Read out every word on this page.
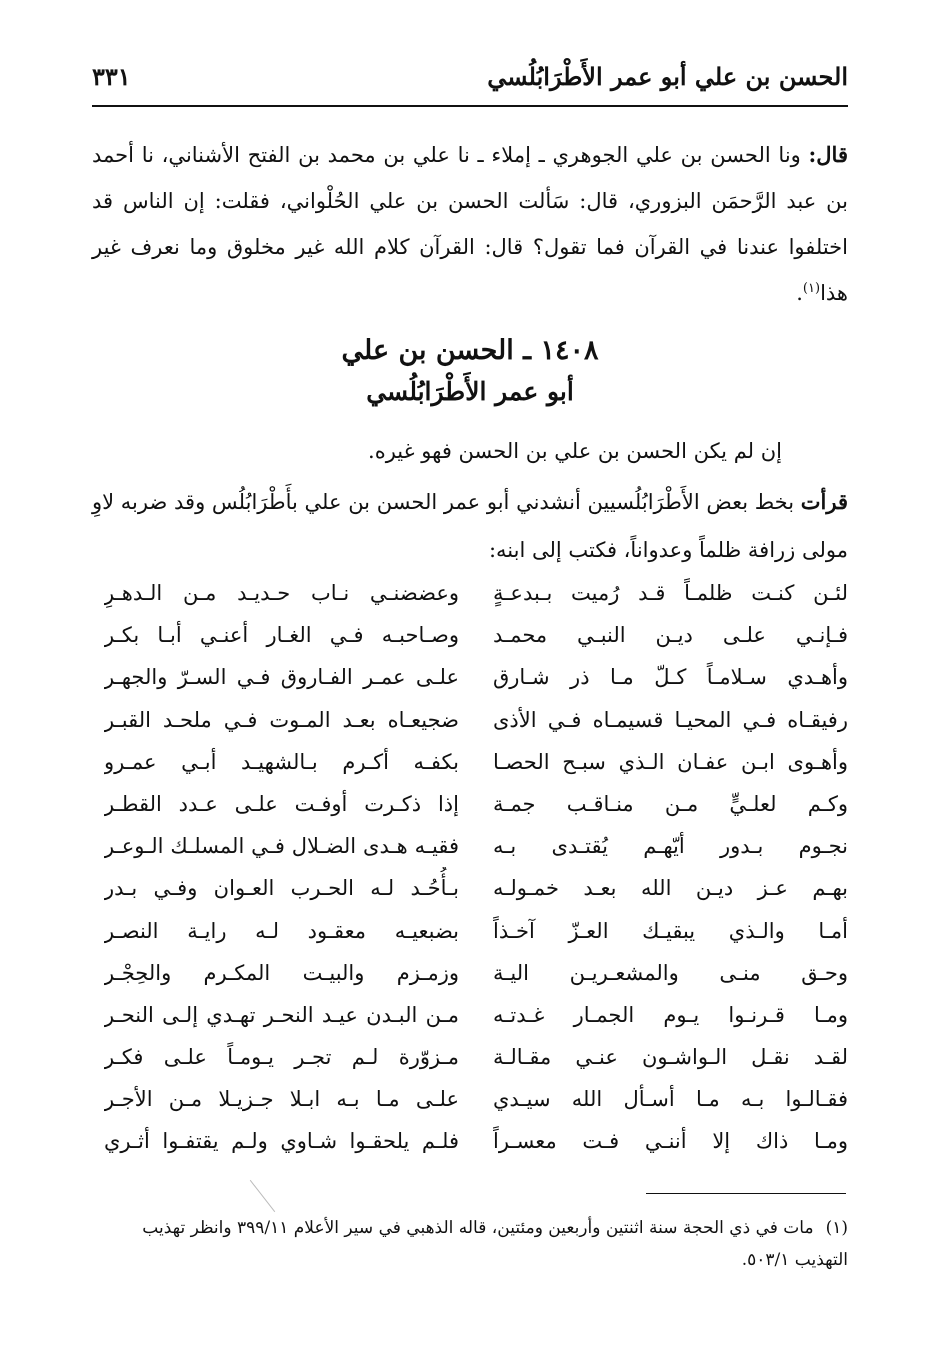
الحسن بن علي أبو عمر الأَطْرَابُلُسي
٣٣١
قال: ونا الحسن بن علي الجوهري ـ إملاء ـ نا علي بن محمد بن الفتح الأشناني، نا أحمد بن عبد الرَّحمَن البزوري، قال: سَألت الحسن بن علي الحُلْواني، فقلت: إن الناس قد اختلفوا عندنا في القرآن فما تقول؟ قال: القرآن كلام الله غير مخلوق وما نعرف غير هذا$^{(١)}$.
١٤٠٨ ـ الحسن بن علي
أبو عمر الأَطْرَابُلُسي
إن لم يكن الحسن بن علي بن الحسن فهو غيره.
قرأت بخط بعض الأَطْرَابُلُسيين أنشدني أبو عمر الحسن بن علي بأَطْرَابُلُس وقد ضربه لاوِ مولى زرافة ظلماً وعدواناً، فكتب إلى ابنه:
لئـن كنـت ظلمـاً قـد رُميت بـبدعـةٍ
فـإنـي علـى ديـن النبـي محمـد
وأهـدي سـلامـاً كـلّ مـا ذر شـارق
رفيقـاه فـي المحيـا قسيمـاه فـي الأذى
وأهـوى ابـن عفـان الـذي سبـح الحصـا
وكـم لعلـيٍّ مـن منـاقـب جمـة
نجـوم بـدور أيّهـم يُقتـدى بـه
بهـم عـز ديـن الله بعـد خمـولـه
أمـا والـذي يبقيـك العـزّ آخـذاً
وحـق منـى والمشعـريـن اليـة
ومـا قـرنـوا يـوم الجمـار غـدتـه
لقـد نقـل الـواشـون عنـي مقـالـة
فقـالـوا بـه مـا أسـأل الله سيـدي
ومـا ذاك إلا أننـي فـت معسـراً
وعضضنـي نـاب حـديـد مـن الـدهـرِ
وصـاحبـه فـي الغـار أعنـي أبـا بكـر
علـى عمـر الفـاروق فـي السـرّ والجهـر
ضجيعـاه بعـد المـوت فـي ملحـد القبـر
بكفـه أكـرم بـالشهيـد أبـي عمـرو
إذا ذكـرت أوفـت علـى عـدد القطـر
فقيـه هـدى الضـلال فـي المسلـك الـوعـر
بـأُحُـد لـه الحـرب العـوان وفـي بـدر
بضبعيـه معقـود لـه رايـة النصـر
وزمـزم والبيـت المكـرم والحِجْـر
مـن البـدن عيـد النحـر تهـدي إلـى النحـر
مـزوّرة لـم تجـر يـومـاً علـى فكـر
علـى مـا بـه ابـلا جـزيـلا مـن الأجـر
فلـم يلحقـوا شـاوي ولـم يقتفـوا أثـري
(١)مات في ذي الحجة سنة اثنتين وأربعين ومئتين، قاله الذهبي في سير الأعلام ٣٩٩/١١ وانظر تهذيب التهذيب ٥٠٣/١.
